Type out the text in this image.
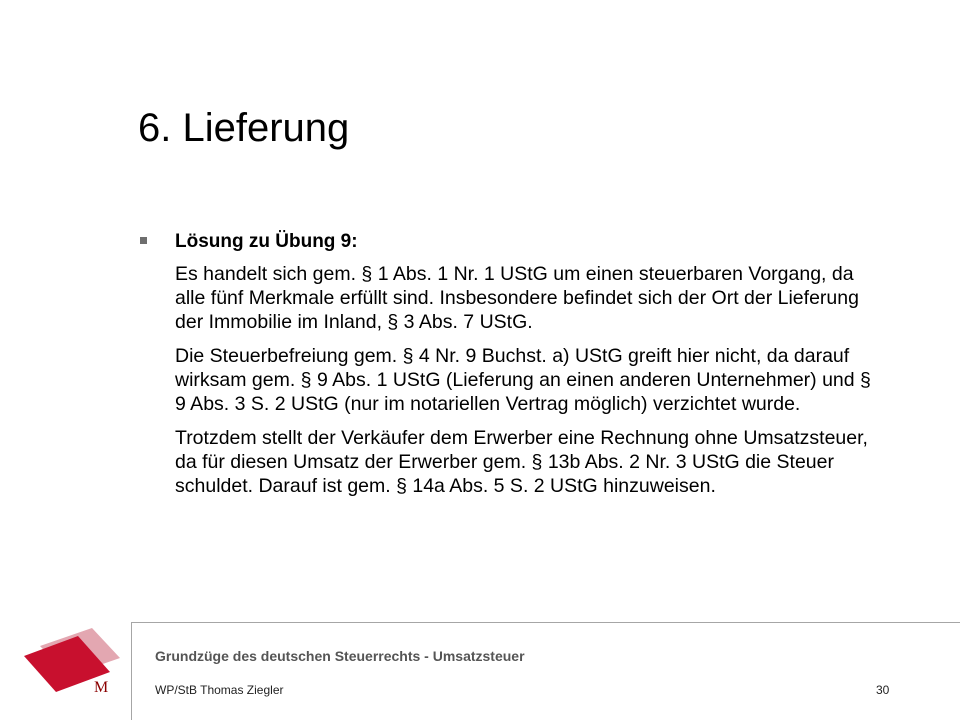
6. Lieferung
Lösung zu Übung 9:

Es handelt sich gem. § 1 Abs. 1 Nr. 1 UStG um einen steuerbaren Vorgang, da alle fünf Merkmale erfüllt sind. Insbesondere befindet sich der Ort der Lieferung der Immobilie im Inland, § 3 Abs. 7 UStG.

Die Steuerbefreiung gem. § 4 Nr. 9 Buchst. a) UStG greift hier nicht, da darauf wirksam gem. § 9 Abs. 1 UStG (Lieferung an einen anderen Unternehmer) und § 9 Abs. 3 S. 2 UStG (nur im notariellen Vertrag möglich) verzichtet wurde.

Trotzdem stellt der Verkäufer dem Erwerber eine Rechnung ohne Umsatzsteuer, da für diesen Umsatz der Erwerber gem. § 13b Abs. 2 Nr. 3 UStG die Steuer schuldet. Darauf ist gem. § 14a Abs. 5 S. 2 UStG hinzuweisen.

M
Grundzüge des deutschen Steuerrechts - Umsatzsteuer
WP/StB Thomas Ziegler	30
